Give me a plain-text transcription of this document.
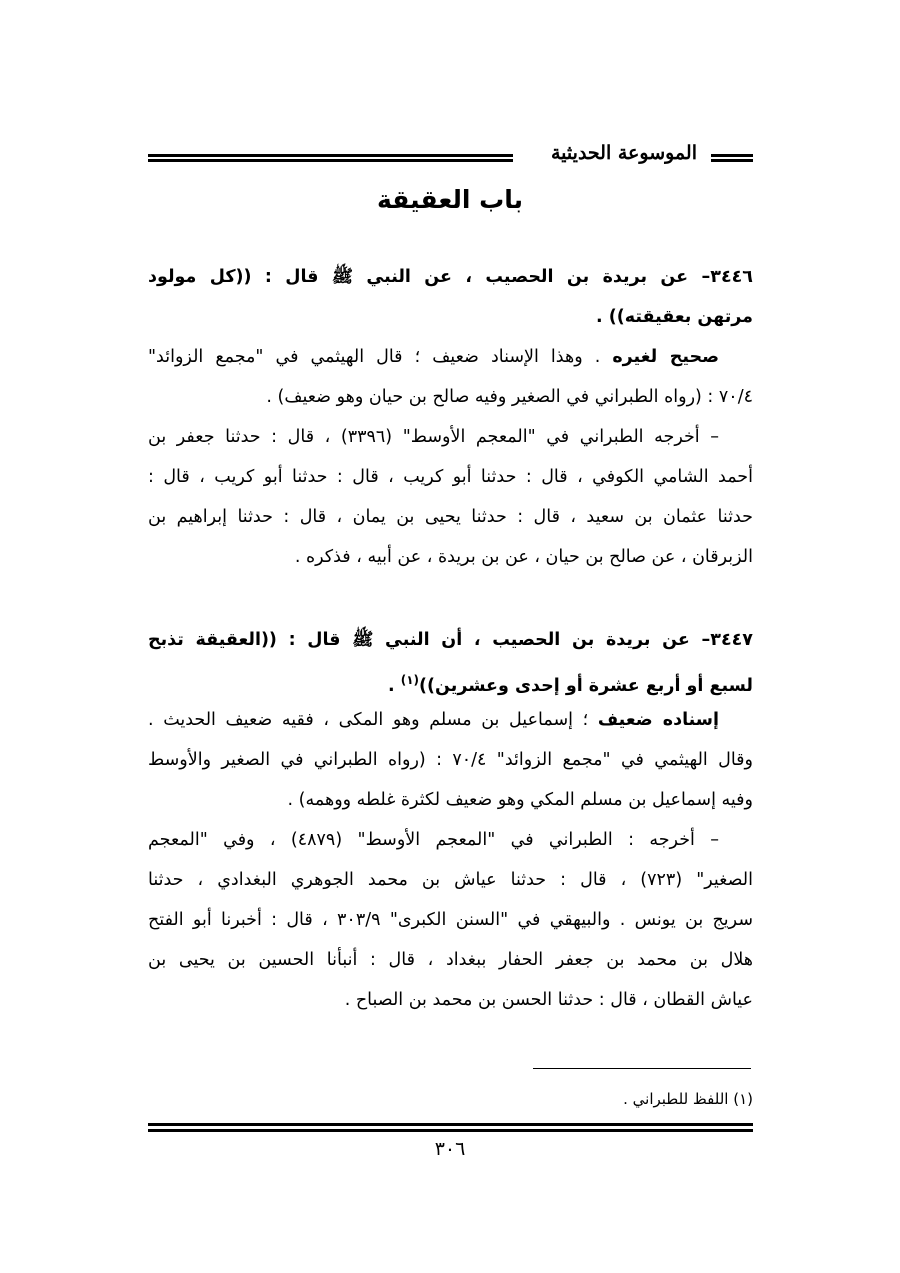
الموسوعة الحديثية
باب العقيقة
٣٤٤٦– عن بريدة بن الحصيب ، عن النبي ﷺ قال : ((كل مولود
مرتهن بعقيقته)) .
صحيح لغيره . وهذا الإسناد ضعيف ؛ قال الهيثمي في "مجمع الزوائد"
٧٠/٤ : (رواه الطبراني في الصغير وفيه صالح بن حيان وهو ضعيف) .
– أخرجه الطبراني في "المعجم الأوسط" (٣٣٩٦) ، قال : حدثنا جعفر بن
أحمد الشامي الكوفي ، قال : حدثنا أبو كريب ، قال : حدثنا أبو كريب ، قال :
حدثنا عثمان بن سعيد ، قال : حدثنا يحيى بن يمان ، قال : حدثنا إبراهيم بن
الزبرقان ، عن صالح بن حيان ، عن بن بريدة ، عن أبيه ، فذكره .
٣٤٤٧– عن بريدة بن الحصيب ، أن النبي ﷺ قال : ((العقيقة تذبح
لسبع أو أربع عشرة أو إحدى وعشرين))$^{(١)}$ .
إسناده ضعيف ؛ إسماعيل بن مسلم وهو المكى ، فقيه ضعيف الحديث .
وقال الهيثمي في "مجمع الزوائد" ٧٠/٤ : (رواه الطبراني في الصغير والأوسط
وفيه إسماعيل بن مسلم المكي وهو ضعيف لكثرة غلطه ووهمه) .
– أخرجه : الطبراني في "المعجم الأوسط" (٤٨٧٩) ، وفي "المعجم
الصغير" (٧٢٣) ، قال : حدثنا عياش بن محمد الجوهري البغدادي ، حدثنا
سريج بن يونس . والبيهقي في "السنن الكبرى" ٣٠٣/٩ ، قال : أخبرنا أبو الفتح
هلال بن محمد بن جعفر الحفار ببغداد ، قال : أنبأنا الحسين بن يحيى بن
عياش القطان ، قال : حدثنا الحسن بن محمد بن الصباح .
(١) اللفظ للطبراني .
٣٠٦
